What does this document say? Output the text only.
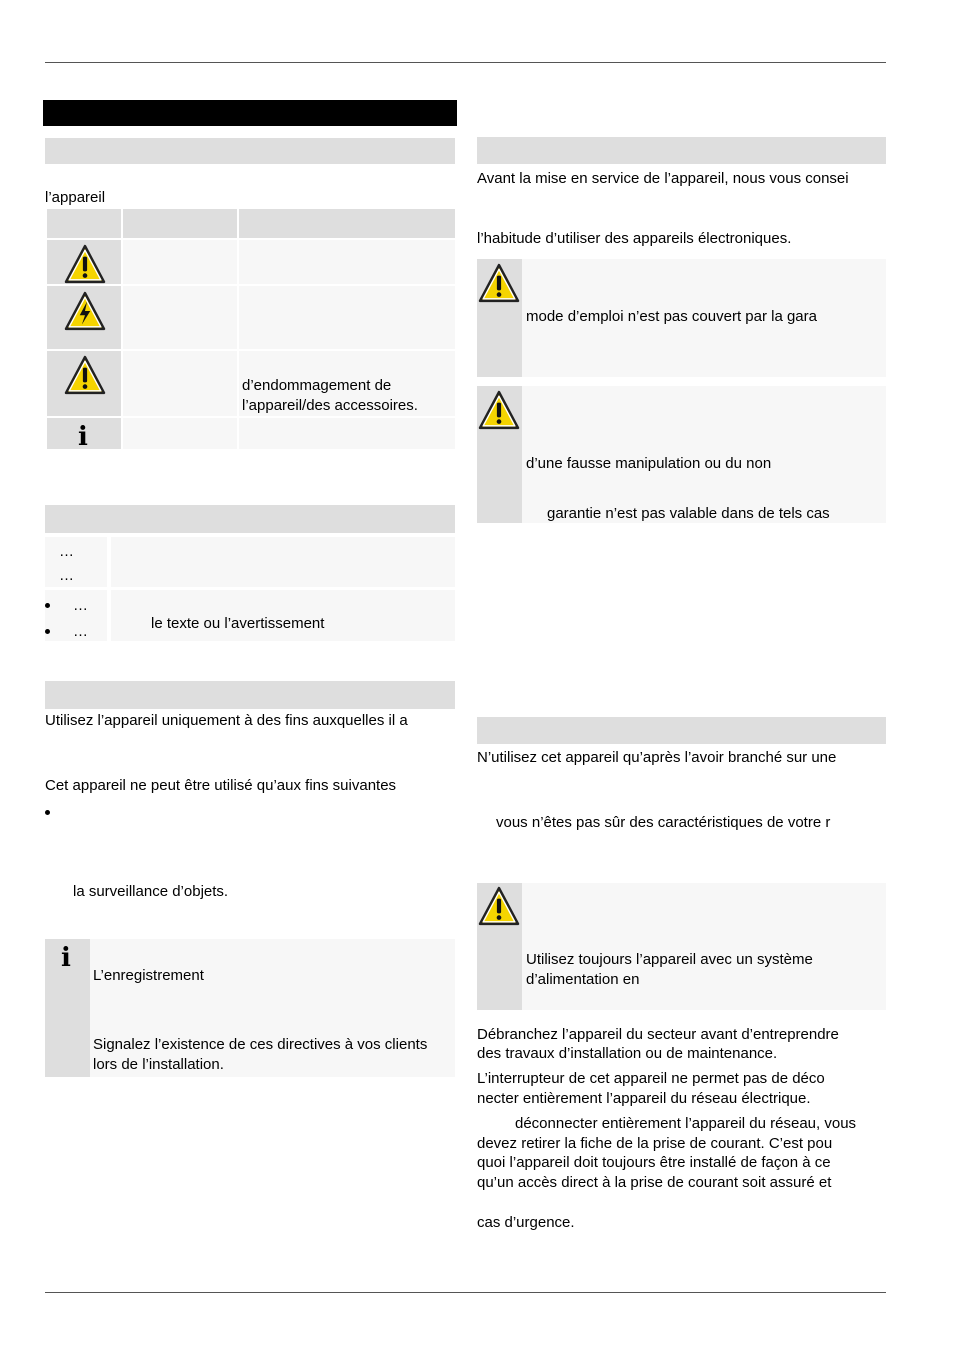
l’appareil
i
d’endommagement de
l’appareil/des accessoires.
…
…
…
…	le texte ou l’avertissement
Utilisez l’appareil uniquement à des fins auxquelles il a
Cet appareil ne peut être utilisé qu’aux fins suivantes
la surveillance d’objets.
i
L’enregistrement
Signalez l’existence de ces directives à vos clients
lors de l’installation.
Avant la mise en service de l’appareil, nous vous consei
l’habitude d’utiliser des appareils électroniques.
mode d’emploi n’est pas couvert par la gara
d’une fausse manipulation ou du non
garantie n’est pas valable dans de tels cas
N’utilisez cet appareil qu’après l’avoir branché sur une
vous n’êtes pas sûr des caractéristiques de votre r
Utilisez toujours l’appareil avec un système
d’alimentation en
Débranchez l’appareil du secteur avant d’entreprendre
des travaux d’installation ou de maintenance.
L’interrupteur de cet appareil ne permet pas de déco
necter entièrement l’appareil du réseau électrique.
déconnecter entièrement l’appareil du réseau, vous
devez retirer la fiche de la prise de courant. C’est pou
quoi l’appareil doit toujours être installé de façon à ce
qu’un accès direct à la prise de courant soit assuré et
cas d’urgence.
